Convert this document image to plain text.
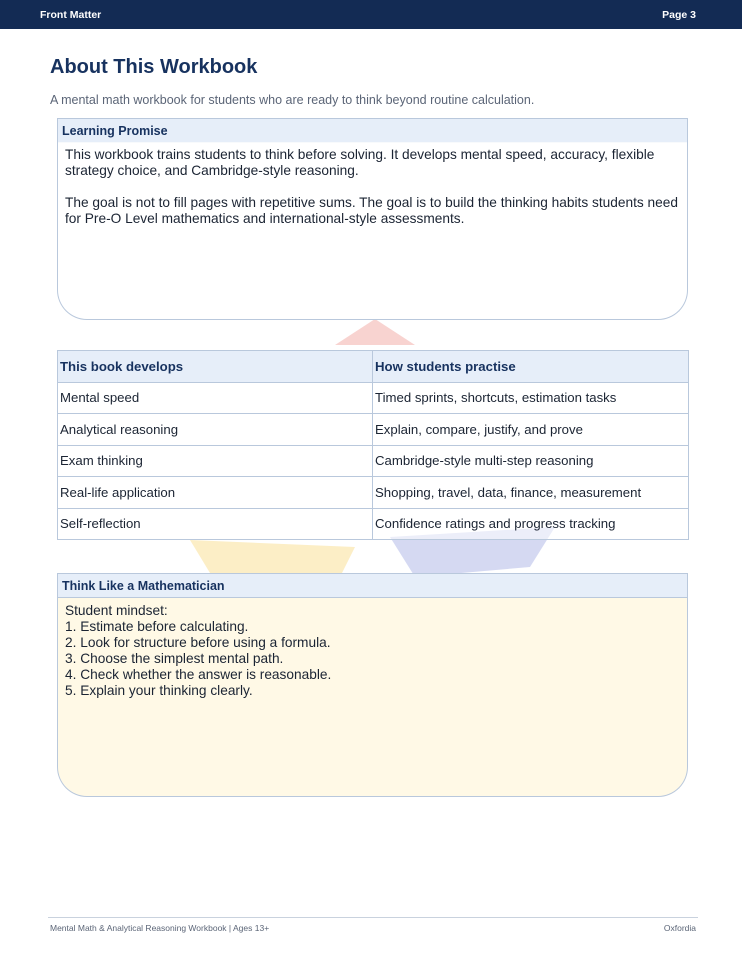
Front Matter	Page 3
About This Workbook
A mental math workbook for students who are ready to think beyond routine calculation.
Learning Promise

This workbook trains students to think before solving. It develops mental speed, accuracy, flexible strategy choice, and Cambridge-style reasoning.

The goal is not to fill pages with repetitive sums. The goal is to build the thinking habits students need for Pre-O Level mathematics and international-style assessments.

This book develops	How students practise
Mental speed	Timed sprints, shortcuts, estimation tasks
Analytical reasoning	Explain, compare, justify, and prove
Exam thinking	Cambridge-style multi-step reasoning
Real-life application	Shopping, travel, data, finance, measurement
Self-reflection	Confidence ratings and progress tracking
Think Like a Mathematician
Student mindset:
1. Estimate before calculating.
2. Look for structure before using a formula.
3. Choose the simplest mental path.
4. Check whether the answer is reasonable.
5. Explain your thinking clearly.
Mental Math & Analytical Reasoning Workbook | Ages 13+	Oxfordia
